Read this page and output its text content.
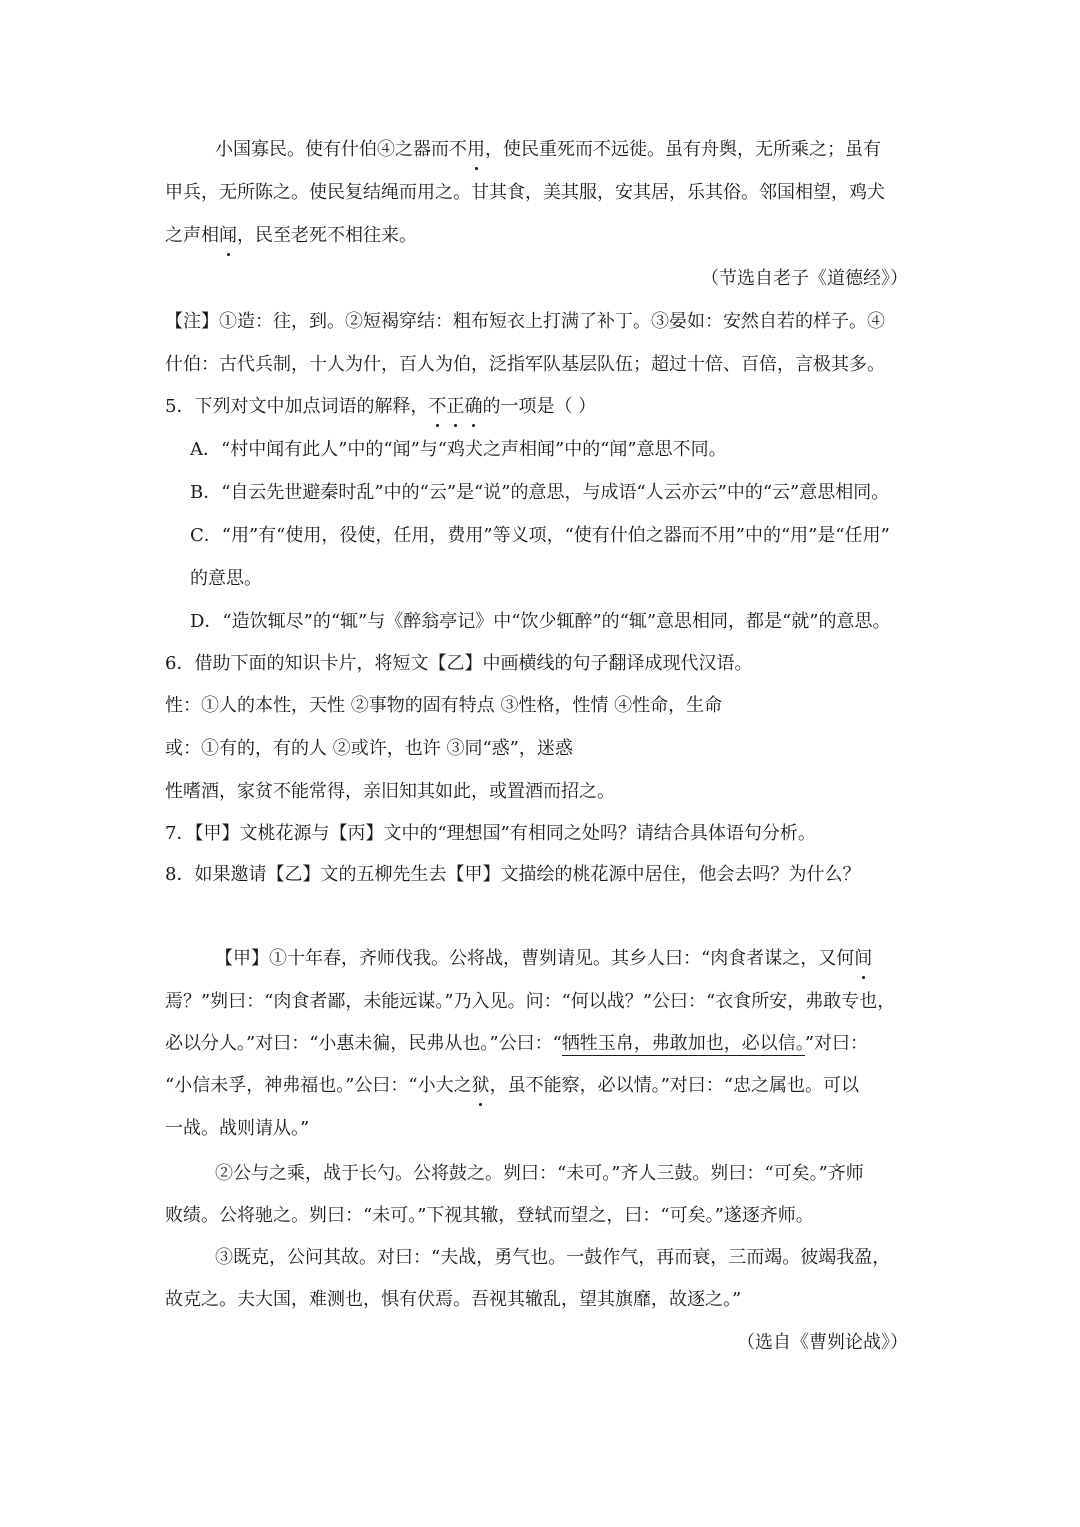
小国寡民。使有什伯④之器而不用，使民重死而不远徙。虽有舟舆，无所乘之；虽有

甲兵，无所陈之。使民复结绳而用之。甘其食，美其服，安其居，乐其俗。邻国相望，鸡犬

之声相闻，民至老死不相往来。

（节选自老子《道德经》）

【注】①造：往，到。②短褐穿结：粗布短衣上打满了补丁。③晏如：安然自若的样子。④

什伯：古代兵制，十人为什，百人为伯，泛指军队基层队伍；超过十倍、百倍，言极其多。

5．下列对文中加点词语的解释，不正确的一项是（ ）

A．“村中闻有此人”中的“闻”与“鸡犬之声相闻”中的“闻”意思不同。

B．“自云先世避秦时乱”中的“云”是“说”的意思，与成语“人云亦云”中的“云”意思相同。

C．“用”有“使用，役使，任用，费用”等义项，“使有什伯之器而不用”中的“用”是“任用”

的意思。

D．“造饮辄尽”的“辄”与《醉翁亭记》中“饮少辄醉”的“辄”意思相同，都是“就”的意思。

6．借助下面的知识卡片，将短文【乙】中画横线的句子翻译成现代汉语。

性：①人的本性，天性 ②事物的固有特点 ③性格，性情 ④性命，生命

或：①有的，有的人 ②或许，也许 ③同“惑”，迷惑

性嗜酒，家贫不能常得，亲旧知其如此，或置酒而招之。

7．【甲】文桃花源与【丙】文中的“理想国”有相同之处吗？请结合具体语句分析。

8．如果邀请【乙】文的五柳先生去【甲】文描绘的桃花源中居住，他会去吗？为什么？

【甲】①十年春，齐师伐我。公将战，曹刿请见。其乡人曰：“肉食者谋之，又何间

焉？”刿曰：“肉食者鄙，未能远谋。”乃入见。问：“何以战？”公曰：“衣食所安，弗敢专也，

必以分人。”对曰：“小惠未徧，民弗从也。”公曰：“牺牲玉帛，弗敢加也，必以信。”对曰：

“小信未孚，神弗福也。”公曰：“小大之狱，虽不能察，必以情。”对曰：“忠之属也。可以

一战。战则请从。”

②公与之乘，战于长勺。公将鼓之。刿曰：“未可。”齐人三鼓。刿曰：“可矣。”齐师

败绩。公将驰之。刿曰：“未可。”下视其辙，登轼而望之，曰：“可矣。”遂逐齐师。

③既克，公问其故。对曰：“夫战，勇气也。一鼓作气，再而衰，三而竭。彼竭我盈，

故克之。夫大国，难测也，惧有伏焉。吾视其辙乱，望其旗靡，故逐之。”

（选自《曹刿论战》）
